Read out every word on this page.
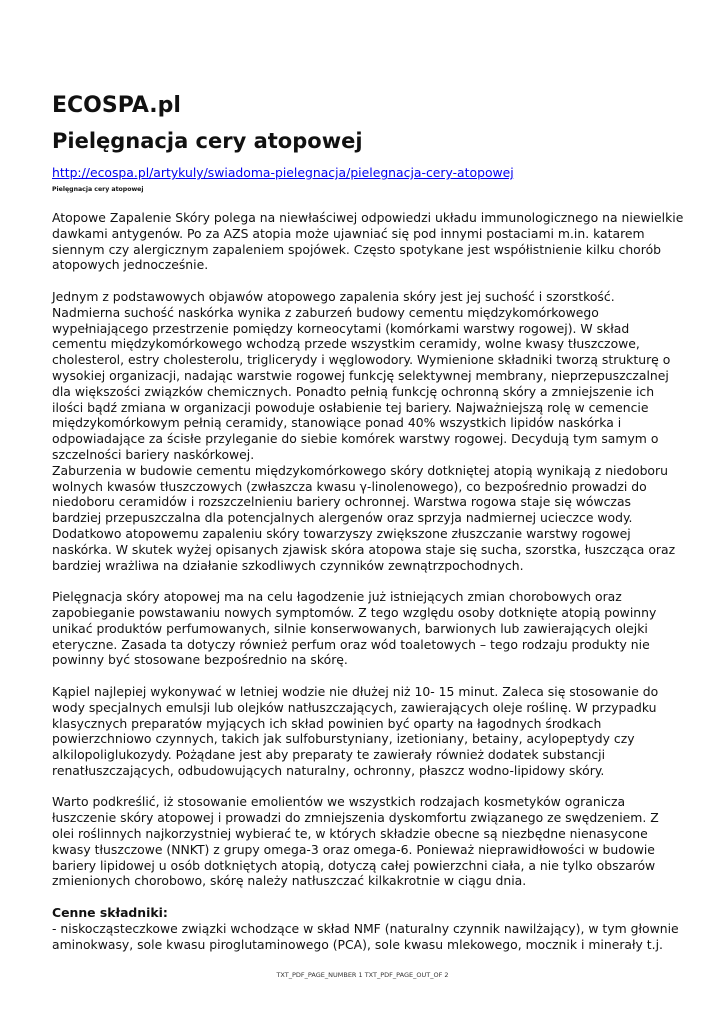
ECOSPA.pl
Pielęgnacja cery atopowej
http://ecospa.pl/artykuly/swiadoma-pielegnacja/pielegnacja-cery-atopowej
Pielęgnacja cery atopowej

Atopowe Zapalenie Skóry polega na niewłaściwej odpowiedzi układu immunologicznego na niewielkie
dawkami antygenów. Po za AZS atopia może ujawniać się pod innymi postaciami m.in. katarem
siennym czy alergicznym zapaleniem spojówek. Często spotykane jest współistnienie kilku chorób
atopowych jednocześnie.

Jednym z podstawowych objawów atopowego zapalenia skóry jest jej suchość i szorstkość.
Nadmierna suchość naskórka wynika z zaburzeń budowy cementu międzykomórkowego
wypełniającego przestrzenie pomiędzy korneocytami (komórkami warstwy rogowej). W skład
cementu międzykomórkowego wchodzą przede wszystkim ceramidy, wolne kwasy tłuszczowe,
cholesterol, estry cholesterolu, triglicerydy i węglowodory. Wymienione składniki tworzą strukturę o
wysokiej organizacji, nadając warstwie rogowej funkcję selektywnej membrany, nieprzepuszczalnej
dla większości związków chemicznych. Ponadto pełnią funkcję ochronną skóry a zmniejszenie ich
ilości bądź zmiana w organizacji powoduje osłabienie tej bariery. Najważniejszą rolę w cemencie
międzykomórkowym pełnią ceramidy, stanowiące ponad 40% wszystkich lipidów naskórka i
odpowiadające za ścisłe przyleganie do siebie komórek warstwy rogowej. Decydują tym samym o
szczelności bariery naskórkowej.
Zaburzenia w budowie cementu międzykomórkowego skóry dotkniętej atopią wynikają z niedoboru
wolnych kwasów tłuszczowych (zwłaszcza kwasu γ-linolenowego), co bezpośrednio prowadzi do
niedoboru ceramidów i rozszczelnieniu bariery ochronnej. Warstwa rogowa staje się wówczas
bardziej przepuszczalna dla potencjalnych alergenów oraz sprzyja nadmiernej ucieczce wody.
Dodatkowo atopowemu zapaleniu skóry towarzyszy zwiększone złuszczanie warstwy rogowej
naskórka. W skutek wyżej opisanych zjawisk skóra atopowa staje się sucha, szorstka, łuszcząca oraz
bardziej wrażliwa na działanie szkodliwych czynników zewnątrzpochodnych.

Pielęgnacja skóry atopowej ma na celu łagodzenie już istniejących zmian chorobowych oraz
zapobieganie powstawaniu nowych symptomów. Z tego względu osoby dotknięte atopią powinny
unikać produktów perfumowanych, silnie konserwowanych, barwionych lub zawierających olejki
eteryczne. Zasada ta dotyczy również perfum oraz wód toaletowych – tego rodzaju produkty nie
powinny być stosowane bezpośrednio na skórę.

Kąpiel najlepiej wykonywać w letniej wodzie nie dłużej niż 10- 15 minut. Zaleca się stosowanie do
wody specjalnych emulsji lub olejków natłuszczających, zawierających oleje roślinę. W przypadku
klasycznych preparatów myjących ich skład powinien być oparty na łagodnych środkach
powierzchniowo czynnych, takich jak sulfoburstyniany, izetioniany, betainy, acylopeptydy czy
alkilopoliglukozydy. Pożądane jest aby preparaty te zawierały również dodatek substancji
renatłuszczających, odbudowujących naturalny, ochronny, płaszcz wodno-lipidowy skóry.

Warto podkreślić, iż stosowanie emolientów we wszystkich rodzajach kosmetyków ogranicza
łuszczenie skóry atopowej i prowadzi do zmniejszenia dyskomfortu związanego ze swędzeniem. Z
olei roślinnych najkorzystniej wybierać te, w których składzie obecne są niezbędne nienasycone
kwasy tłuszczowe (NNKT) z grupy omega-3 oraz omega-6. Ponieważ nieprawidłowości w budowie
bariery lipidowej u osób dotkniętych atopią, dotyczą całej powierzchni ciała, a nie tylko obszarów
zmienionych chorobowo, skórę należy natłuszczać kilkakrotnie w ciągu dnia.

Cenne składniki:
- niskocząsteczkowe związki wchodzące w skład NMF (naturalny czynnik nawilżający), w tym głownie
aminokwasy, sole kwasu piroglutaminowego (PCA), sole kwasu mlekowego, mocznik i minerały t.j.

TXT_PDF_PAGE_NUMBER 1 TXT_PDF_PAGE_OUT_OF 2
